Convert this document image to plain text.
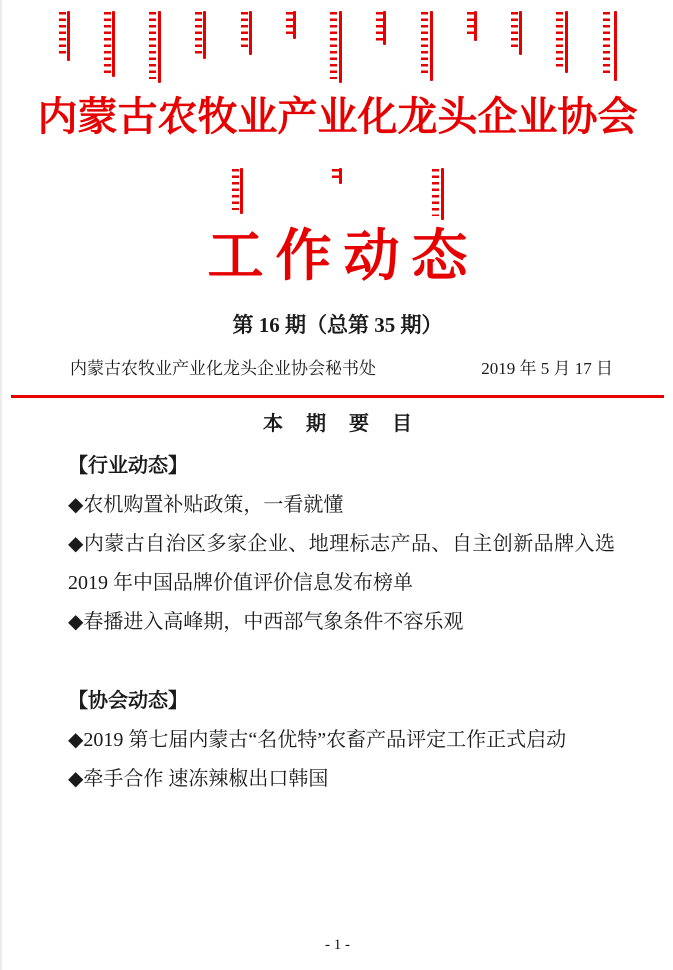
内蒙古农牧业产业化龙头企业协会
工作动态
第 16 期（总第 35 期）
内蒙古农牧业产业化龙头企业协会秘书处	2019 年 5 月 17 日
本 期 要 目
【行业动态】

◆农机购置补贴政策，一看就懂

◆内蒙古自治区多家企业、地理标志产品、自主创新品牌入选 2019 年中国品牌价值评价信息发布榜单

◆春播进入高峰期，中西部气象条件不容乐观

【协会动态】

◆2019 第七届内蒙古“名优特”农畜产品评定工作正式启动

◆牵手合作 速冻辣椒出口韩国

- 1 -
